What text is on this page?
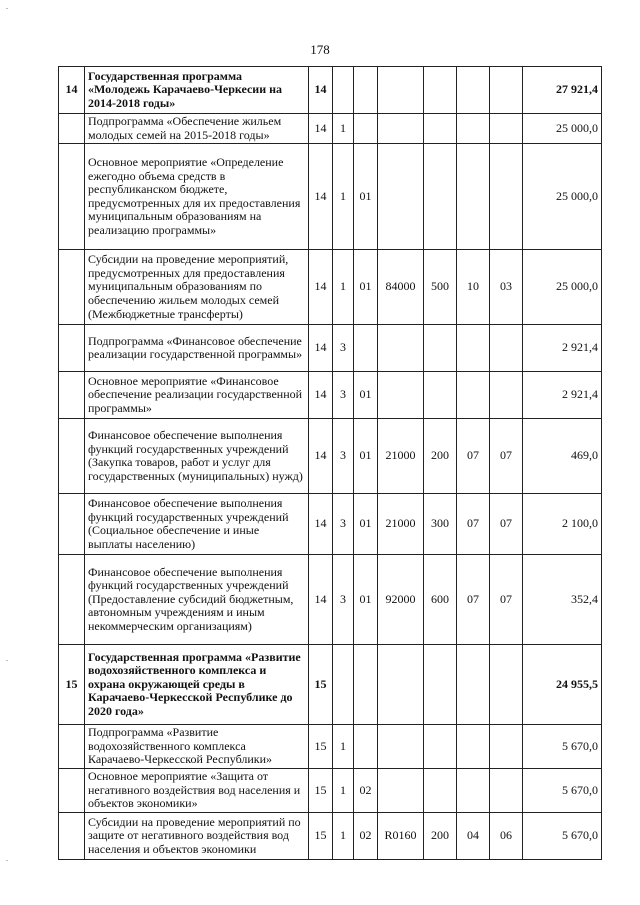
178
14	Государственная программа «Молодежь Карачаево-Черкесии на 2014-2018 годы»	14							27 921,4
	Подпрограмма «Обеспечение жильем молодых семей на 2015-2018 годы»	14	1						25 000,0
	Основное мероприятие «Определение ежегодно объема средств в республиканском бюджете, предусмотренных для их предоставления муниципальным образованиям на реализацию программы»	14	1	01					25 000,0
	Субсидии на проведение мероприятий, предусмотренных для предоставления муниципальным образованиям по обеспечению жильем молодых семей (Межбюджетные трансферты)	14	1	01	84000	500	10	03	25 000,0
	Подпрограмма «Финансовое обеспечение реализации государственной программы»	14	3						2 921,4
	Основное мероприятие «Финансовое обеспечение реализации государственной программы»	14	3	01					2 921,4
	Финансовое обеспечение выполнения функций государственных учреждений (Закупка товаров, работ и услуг для государственных (муниципальных) нужд)	14	3	01	21000	200	07	07	469,0
	Финансовое обеспечение выполнения функций государственных учреждений (Социальное обеспечение и иные выплаты населению)	14	3	01	21000	300	07	07	2 100,0
	Финансовое обеспечение выполнения функций государственных учреждений (Предоставление субсидий бюджетным, автономным учреждениям и иным некоммерческим организациям)	14	3	01	92000	600	07	07	352,4
15	Государственная программа «Развитие водохозяйственного комплекса и охрана окружающей среды в Карачаево-Черкесской Республике до 2020 года»	15							24 955,5
	Подпрограмма «Развитие водохозяйственного комплекса Карачаево-Черкесской Республики»	15	1						5 670,0
	Основное мероприятие «Защита от негативного воздействия вод населения и объектов экономики»	15	1	02					5 670,0
	Субсидии на проведение мероприятий по защите от негативного воздействия вод населения и объектов экономики	15	1	02	R0160	200	04	06	5 670,0
